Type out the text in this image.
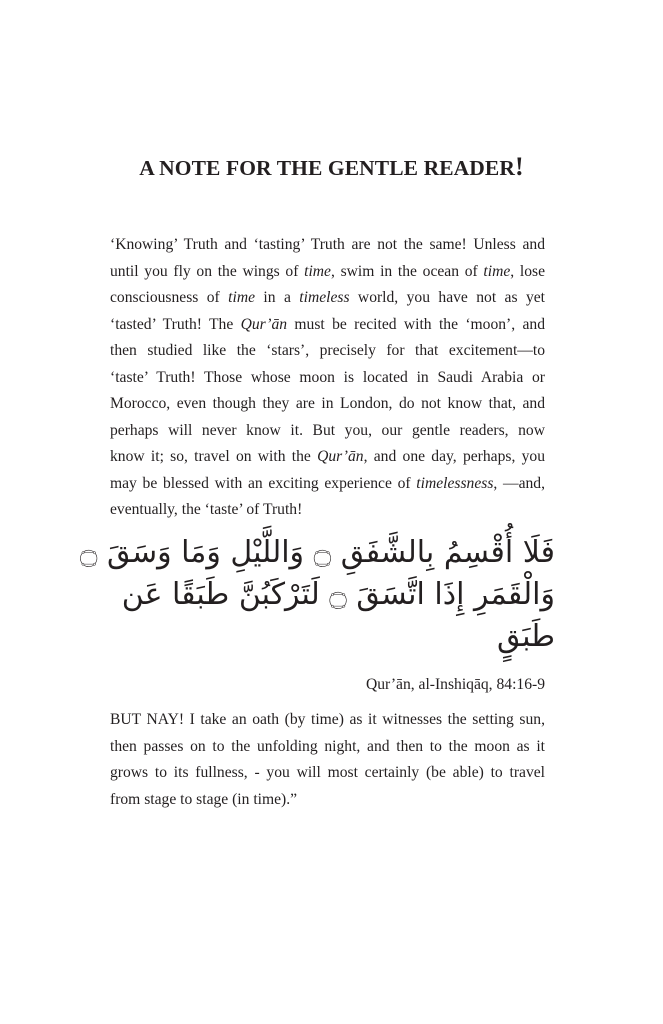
A NOTE FOR THE GENTLE READER!
‘Knowing’ Truth and ‘tasting’ Truth are not the same! Unless and
until you fly on the wings of time, swim in the ocean of time, lose
consciousness of time in a timeless world, you have not as yet
‘tasted’ Truth! The Qur’ān must be recited with the ‘moon’, and
then studied like the ‘stars’, precisely for that excitement—to
‘taste’ Truth! Those whose moon is located in Saudi Arabia or
Morocco, even though they are in London, do not know that, and
perhaps will never know it. But you, our gentle readers, now
know it; so, travel on with the Qur’ān, and one day, perhaps, you
may be blessed with an exciting experience of timelessness, —and,
eventually, the ‘taste’ of Truth!
فَلَا أُقْسِمُ بِالشَّفَقِ ۝ وَاللَّيْلِ وَمَا وَسَقَ ۝
وَالْقَمَرِ إِذَا اتَّسَقَ ۝ لَتَرْكَبُنَّ طَبَقًا عَن
طَبَقٍ

Qur’ān, al-Inshiqāq, 84:16-9

BUT NAY! I take an oath (by time) as it witnesses the setting sun,
then passes on to the unfolding night, and then to the moon as it
grows to its fullness, - you will most certainly (be able) to travel
from stage to stage (in time).”
